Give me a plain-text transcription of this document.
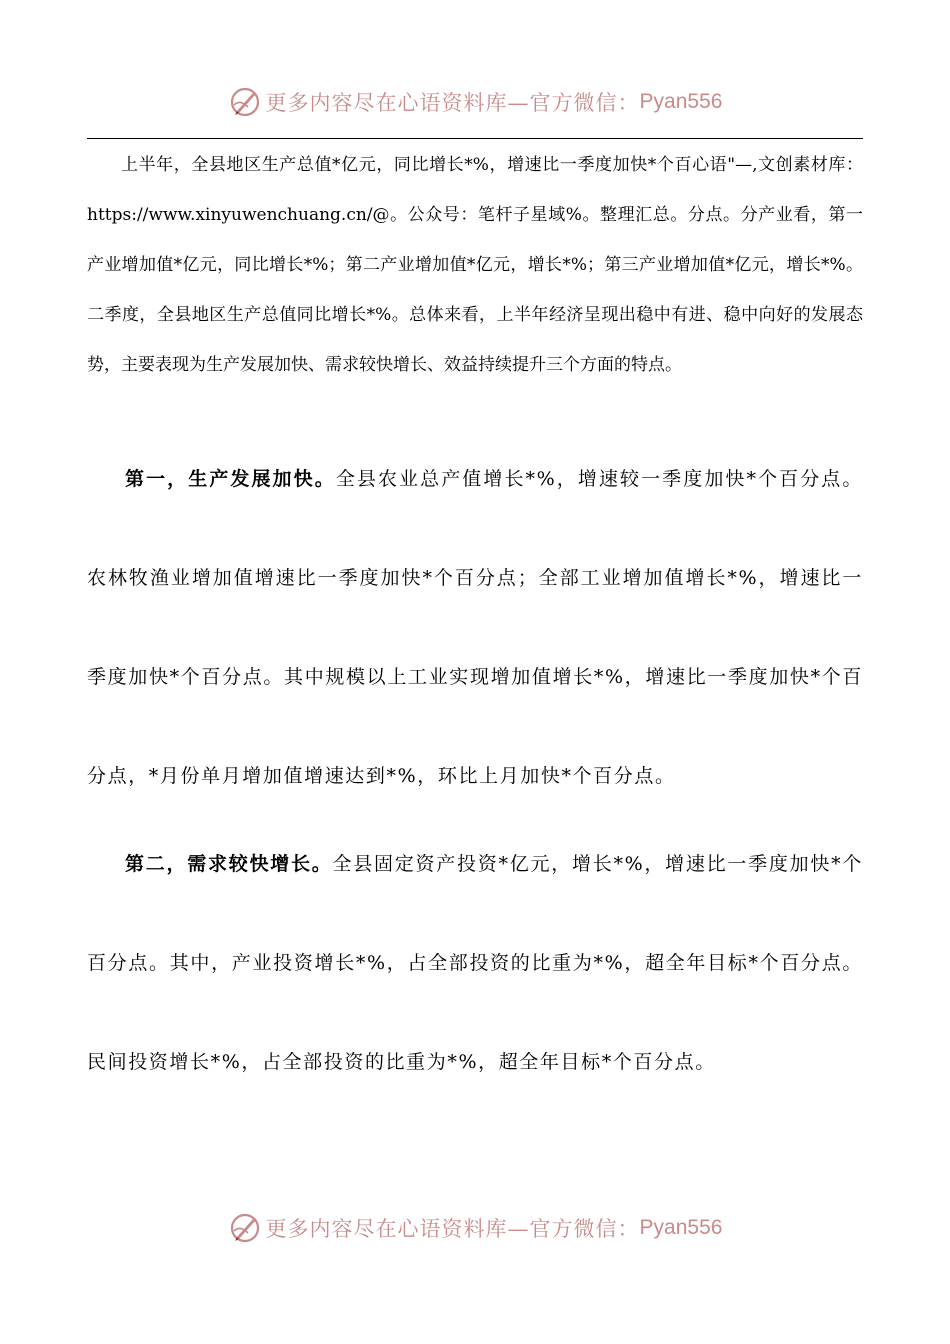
更多内容尽在心语资料库—官方微信： Pyan556

上半年，全县地区生产总值*亿元，同比增长*%，增速比一季度加快*个百心语"—,文创素材库：https://www.xinyuwenchuang.cn/@。公众号：笔杆子星域%。整理汇总。分点。分产业看，第一产业增加值*亿元，同比增长*%；第二产业增加值*亿元，增长*%；第三产业增加值*亿元，增长*%。二季度，全县地区生产总值同比增长*%。总体来看，上半年经济呈现出稳中有进、稳中向好的发展态势，主要表现为生产发展加快、需求较快增长、效益持续提升三个方面的特点。

第一，生产发展加快。全县农业总产值增长*%，增速较一季度加快*个百分点。农林牧渔业增加值增速比一季度加快*个百分点；全部工业增加值增长*%，增速比一季度加快*个百分点。其中规模以上工业实现增加值增长*%，增速比一季度加快*个百分点，*月份单月增加值增速达到*%，环比上月加快*个百分点。

第二，需求较快增长。全县固定资产投资*亿元，增长*%，增速比一季度加快*个百分点。其中，产业投资增长*%，占全部投资的比重为*%，超全年目标*个百分点。民间投资增长*%，占全部投资的比重为*%，超全年目标*个百分点。

更多内容尽在心语资料库—官方微信： Pyan556
